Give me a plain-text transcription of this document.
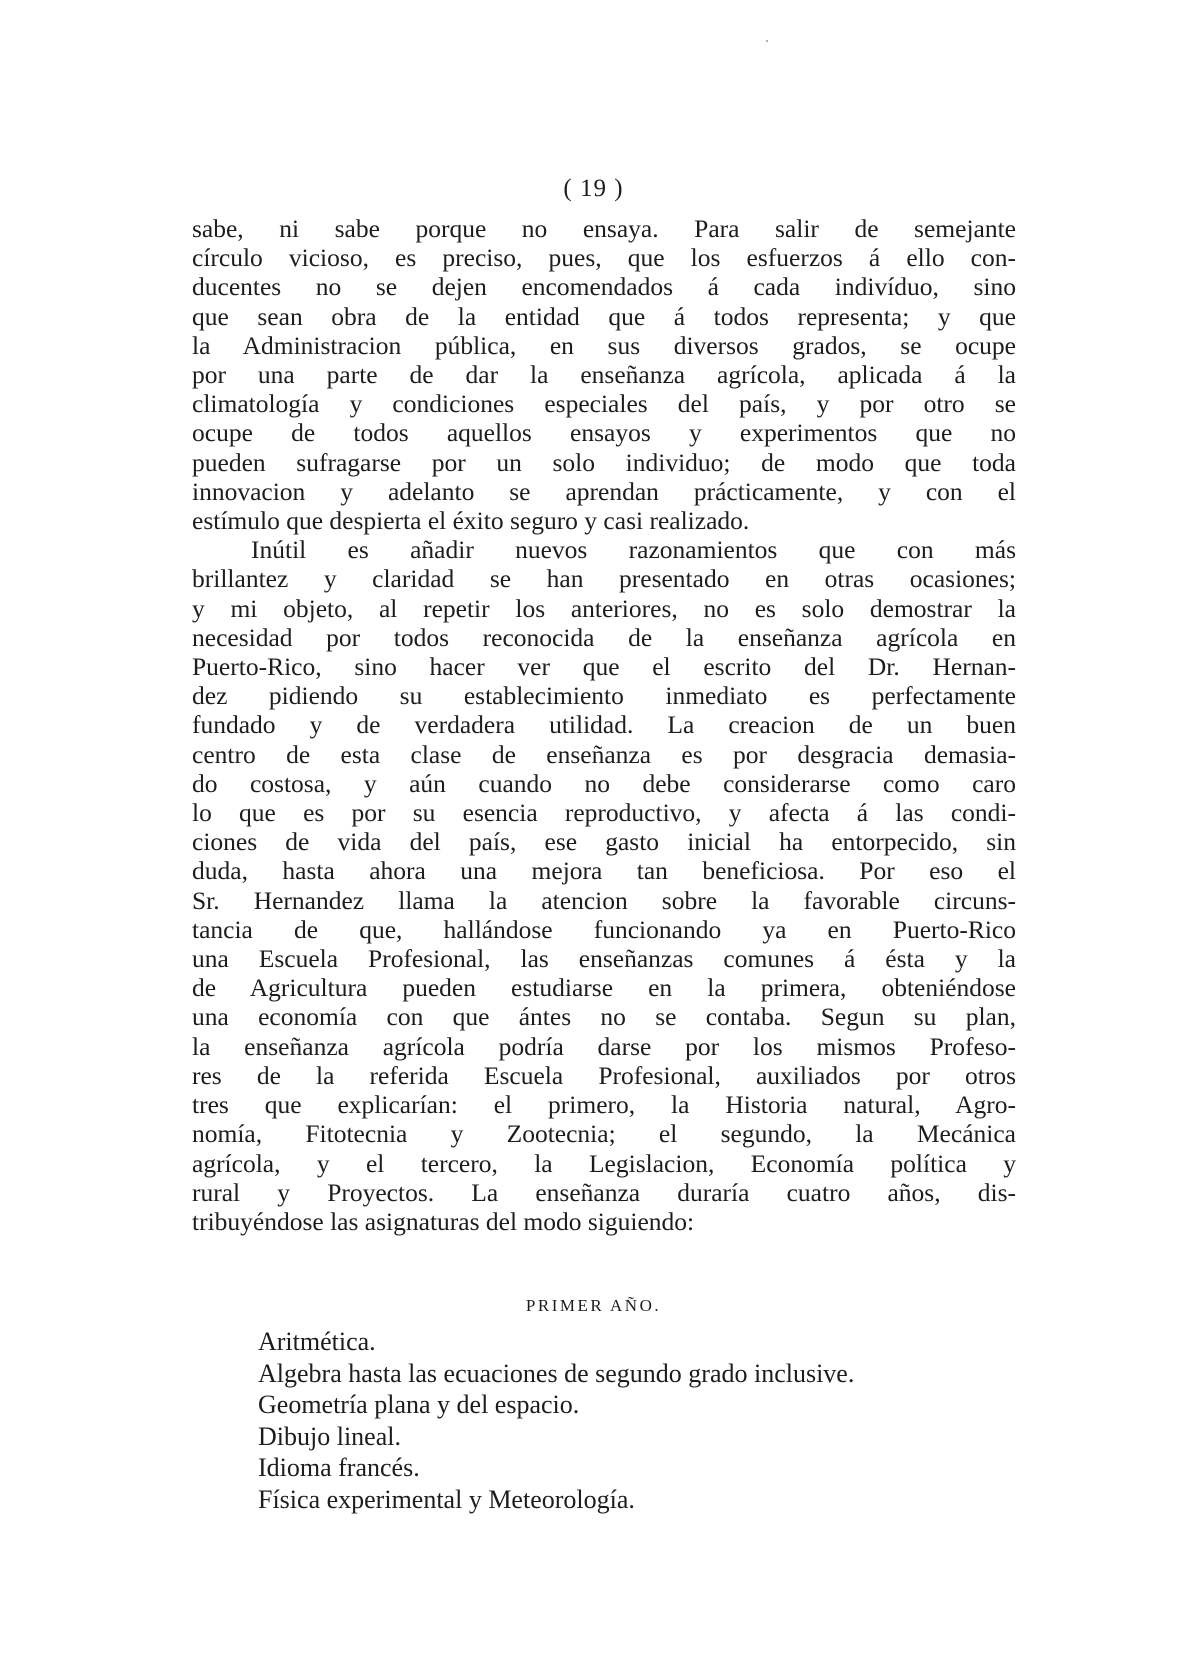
( 19 )
sabe, ni sabe porque no ensaya. Para salir de semejante
círculo vicioso, es preciso, pues, que los esfuerzos á ello con-
ducentes no se dejen encomendados á cada indivíduo, sino
que sean obra de la entidad que á todos representa; y que
la Administracion pública, en sus diversos grados, se ocupe
por una parte de dar la enseñanza agrícola, aplicada á la
climatología y condiciones especiales del país, y por otro se
ocupe de todos aquellos ensayos y experimentos que no
pueden sufragarse por un solo individuo; de modo que toda
innovacion y adelanto se aprendan prácticamente, y con el
estímulo que despierta el éxito seguro y casi realizado.
Inútil es añadir nuevos razonamientos que con más
brillantez y claridad se han presentado en otras ocasiones;
y mi objeto, al repetir los anteriores, no es solo demostrar la
necesidad por todos reconocida de la enseñanza agrícola en
Puerto-Rico, sino hacer ver que el escrito del Dr. Hernan-
dez pidiendo su establecimiento inmediato es perfectamente
fundado y de verdadera utilidad. La creacion de un buen
centro de esta clase de enseñanza es por desgracia demasia-
do costosa, y aún cuando no debe considerarse como caro
lo que es por su esencia reproductivo, y afecta á las condi-
ciones de vida del país, ese gasto inicial ha entorpecido, sin
duda, hasta ahora una mejora tan beneficiosa. Por eso el
Sr. Hernandez llama la atencion sobre la favorable circuns-
tancia de que, hallándose funcionando ya en Puerto-Rico
una Escuela Profesional, las enseñanzas comunes á ésta y la
de Agricultura pueden estudiarse en la primera, obteniéndose
una economía con que ántes no se contaba. Segun su plan,
la enseñanza agrícola podría darse por los mismos Profeso-
res de la referida Escuela Profesional, auxiliados por otros
tres que explicarían: el primero, la Historia natural, Agro-
nomía, Fitotecnia y Zootecnia; el segundo, la Mecánica
agrícola, y el tercero, la Legislacion, Economía política y
rural y Proyectos. La enseñanza duraría cuatro años, dis-
tribuyéndose las asignaturas del modo siguiendo:
PRIMER AÑO.
Aritmética.
Algebra hasta las ecuaciones de segundo grado inclusive.
Geometría plana y del espacio.
Dibujo lineal.
Idioma francés.
Física experimental y Meteorología.
